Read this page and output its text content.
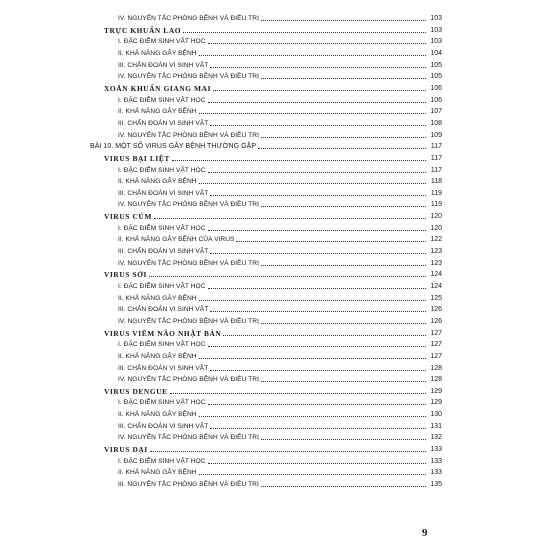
IV. NGUYÊN TẮC PHÒNG BỆNH VÀ ĐIỀU TRỊ	103
TRỰC KHUẨN LAO	103
I. ĐẶC ĐIỂM SINH VẬT HỌC	103
II. KHẢ NĂNG GÂY BỆNH	104
III. CHẨN ĐOÁN VI SINH VẬT	105
IV. NGUYÊN TẮC PHÒNG BỆNH VÀ ĐIỀU TRỊ	105
XOẮN KHUẨN GIANG MAI	106
I. ĐẶC ĐIỂM SINH VẬT HỌC	106
II. KHẢ NĂNG GÂY BỆNH	107
III. CHẨN ĐOÁN VI SINH VẬT	108
IV. NGUYÊN TẮC PHÒNG BỆNH VÀ ĐIỀU TRỊ	109
BÀI 10. MỘT SỐ VIRUS GÂY BỆNH THƯỜNG GẶP	117
VIRUS BẠI LIỆT	117
I. ĐẶC ĐIỂM SINH VẬT HỌC	117
II. KHẢ NĂNG GÂY BỆNH	118
III. CHẨN ĐOÁN VI SINH VẬT	119
IV. NGUYÊN TẮC PHÒNG BỆNH VÀ ĐIỀU TRỊ	119
VIRUS CÚM	120
I. ĐẶC ĐIỂM SINH VẬT HỌC	120
II. KHẢ NĂNG GÂY BỆNH CỦA VIRUS	122
III. CHẨN ĐOÁN VI SINH VẬT	123
IV. NGUYÊN TẮC PHÒNG BỆNH VÀ ĐIỀU TRỊ	123
VIRUS SỞI	124
I. ĐẶC ĐIỂM SINH VẬT HỌC	124
II. KHẢ NĂNG GÂY BỆNH	125
III. CHẨN ĐOÁN VI SINH VẬT	126
IV. NGUYÊN TẮC PHÒNG BỆNH VÀ ĐIỀU TRỊ	126
VIRUS VIÊM NÃO NHẬT BẢN	127
I. ĐẶC ĐIỂM SINH VẬT HỌC	127
II. KHẢ NĂNG GÂY BỆNH	127
III. CHẨN ĐOÁN VI SINH VẬT	128
IV. NGUYÊN TẮC PHÒNG BỆNH VÀ ĐIỀU TRỊ	128
VIRUS DENGUE	129
I. ĐẶC ĐIỂM SINH VẬT HỌC	129
II. KHẢ NĂNG GÂY BỆNH	130
III. CHẨN ĐOÁN VI SINH VẬT	131
IV. NGUYÊN TẮC PHÒNG BỆNH VÀ ĐIỀU TRỊ	132
VIRUS DẠI	133
I. ĐẶC ĐIỂM SINH VẬT HỌC	133
II. KHẢ NĂNG GÂY BỆNH	133
III. NGUYÊN TẮC PHÒNG BỆNH VÀ ĐIỀU TRỊ	135
9
